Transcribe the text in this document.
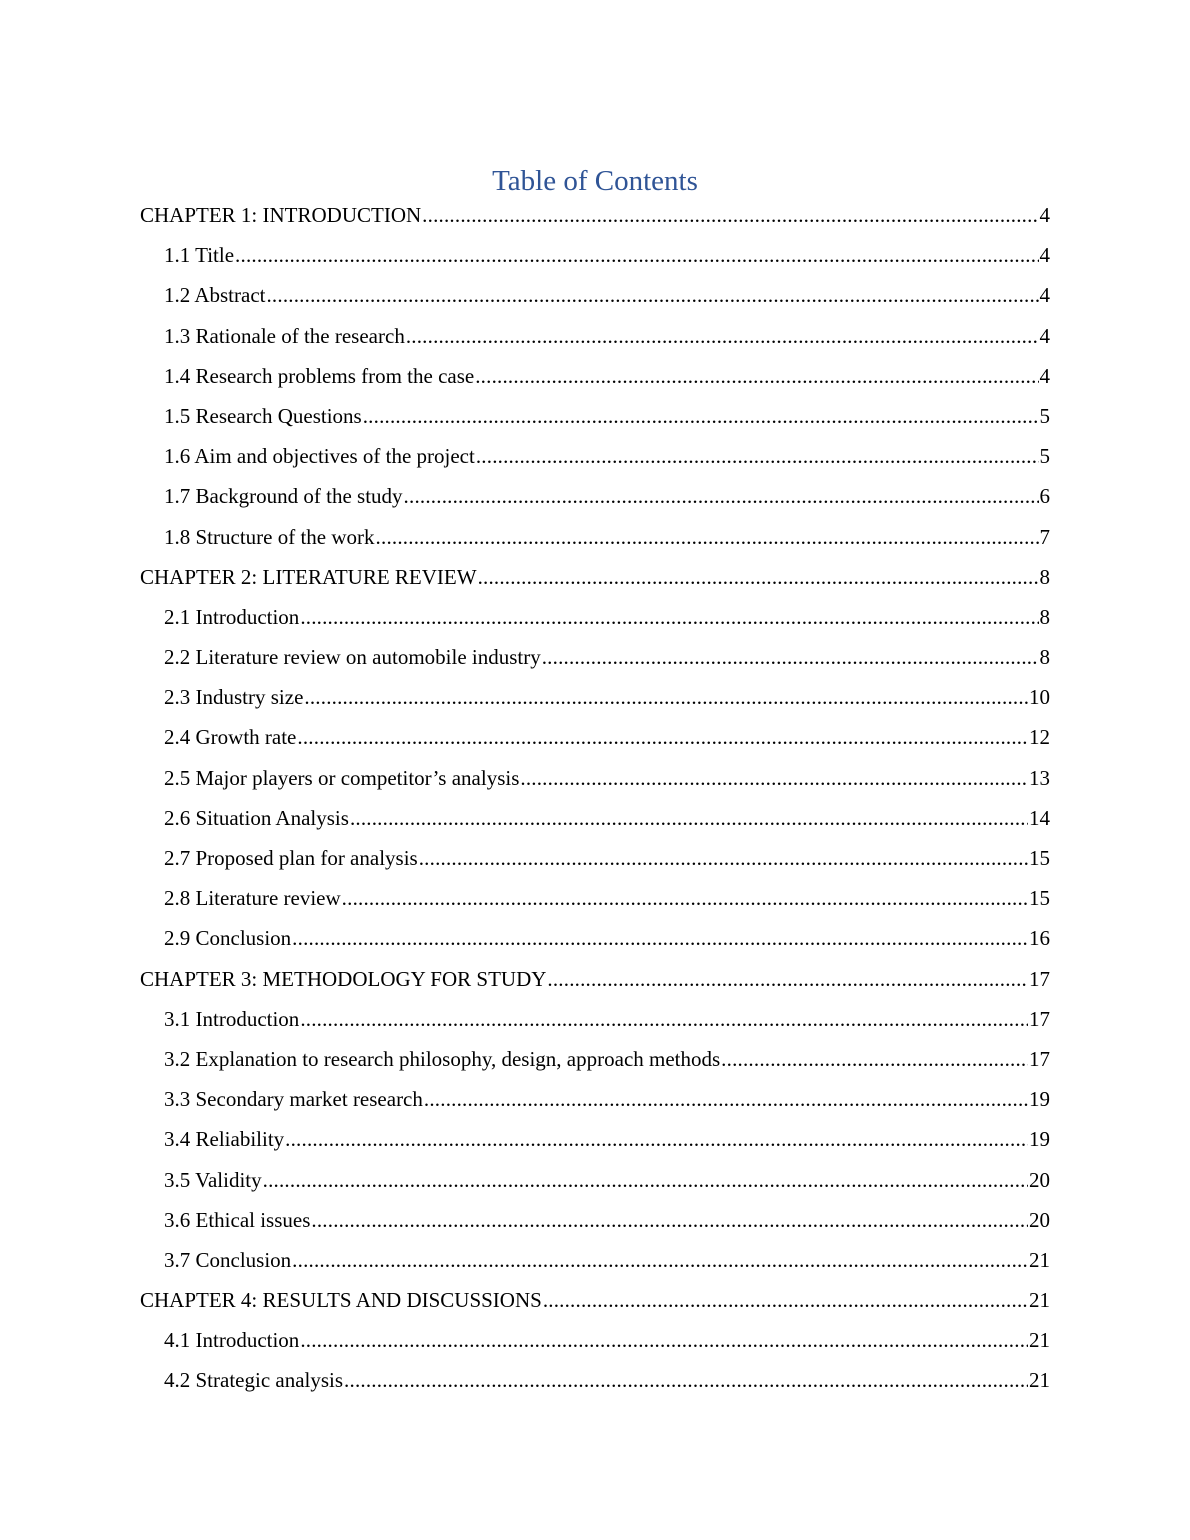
Table of Contents
CHAPTER 1: INTRODUCTION .....	4
1.1 Title .....	4
1.2 Abstract .....	4
1.3 Rationale of the research .....	4
1.4 Research problems from the case .....	4
1.5 Research Questions .....	5
1.6 Aim and objectives of the project .....	5
1.7 Background of the study .....	6
1.8 Structure of the work .....	7
CHAPTER 2: LITERATURE REVIEW .....	8
2.1 Introduction .....	8
2.2 Literature review on automobile industry .....	8
2.3 Industry size .....	10
2.4 Growth rate .....	12
2.5 Major players or competitor’s analysis .....	13
2.6 Situation Analysis .....	14
2.7 Proposed plan for analysis .....	15
2.8 Literature review .....	15
2.9 Conclusion .....	16
CHAPTER 3: METHODOLOGY FOR STUDY .....	17
3.1 Introduction .....	17
3.2 Explanation to research philosophy, design, approach methods .....	17
3.3 Secondary market research .....	19
3.4 Reliability .....	19
3.5 Validity .....	20
3.6 Ethical issues .....	20
3.7 Conclusion .....	21
CHAPTER 4: RESULTS AND DISCUSSIONS .....	21
4.1 Introduction .....	21
4.2 Strategic analysis .....	21
